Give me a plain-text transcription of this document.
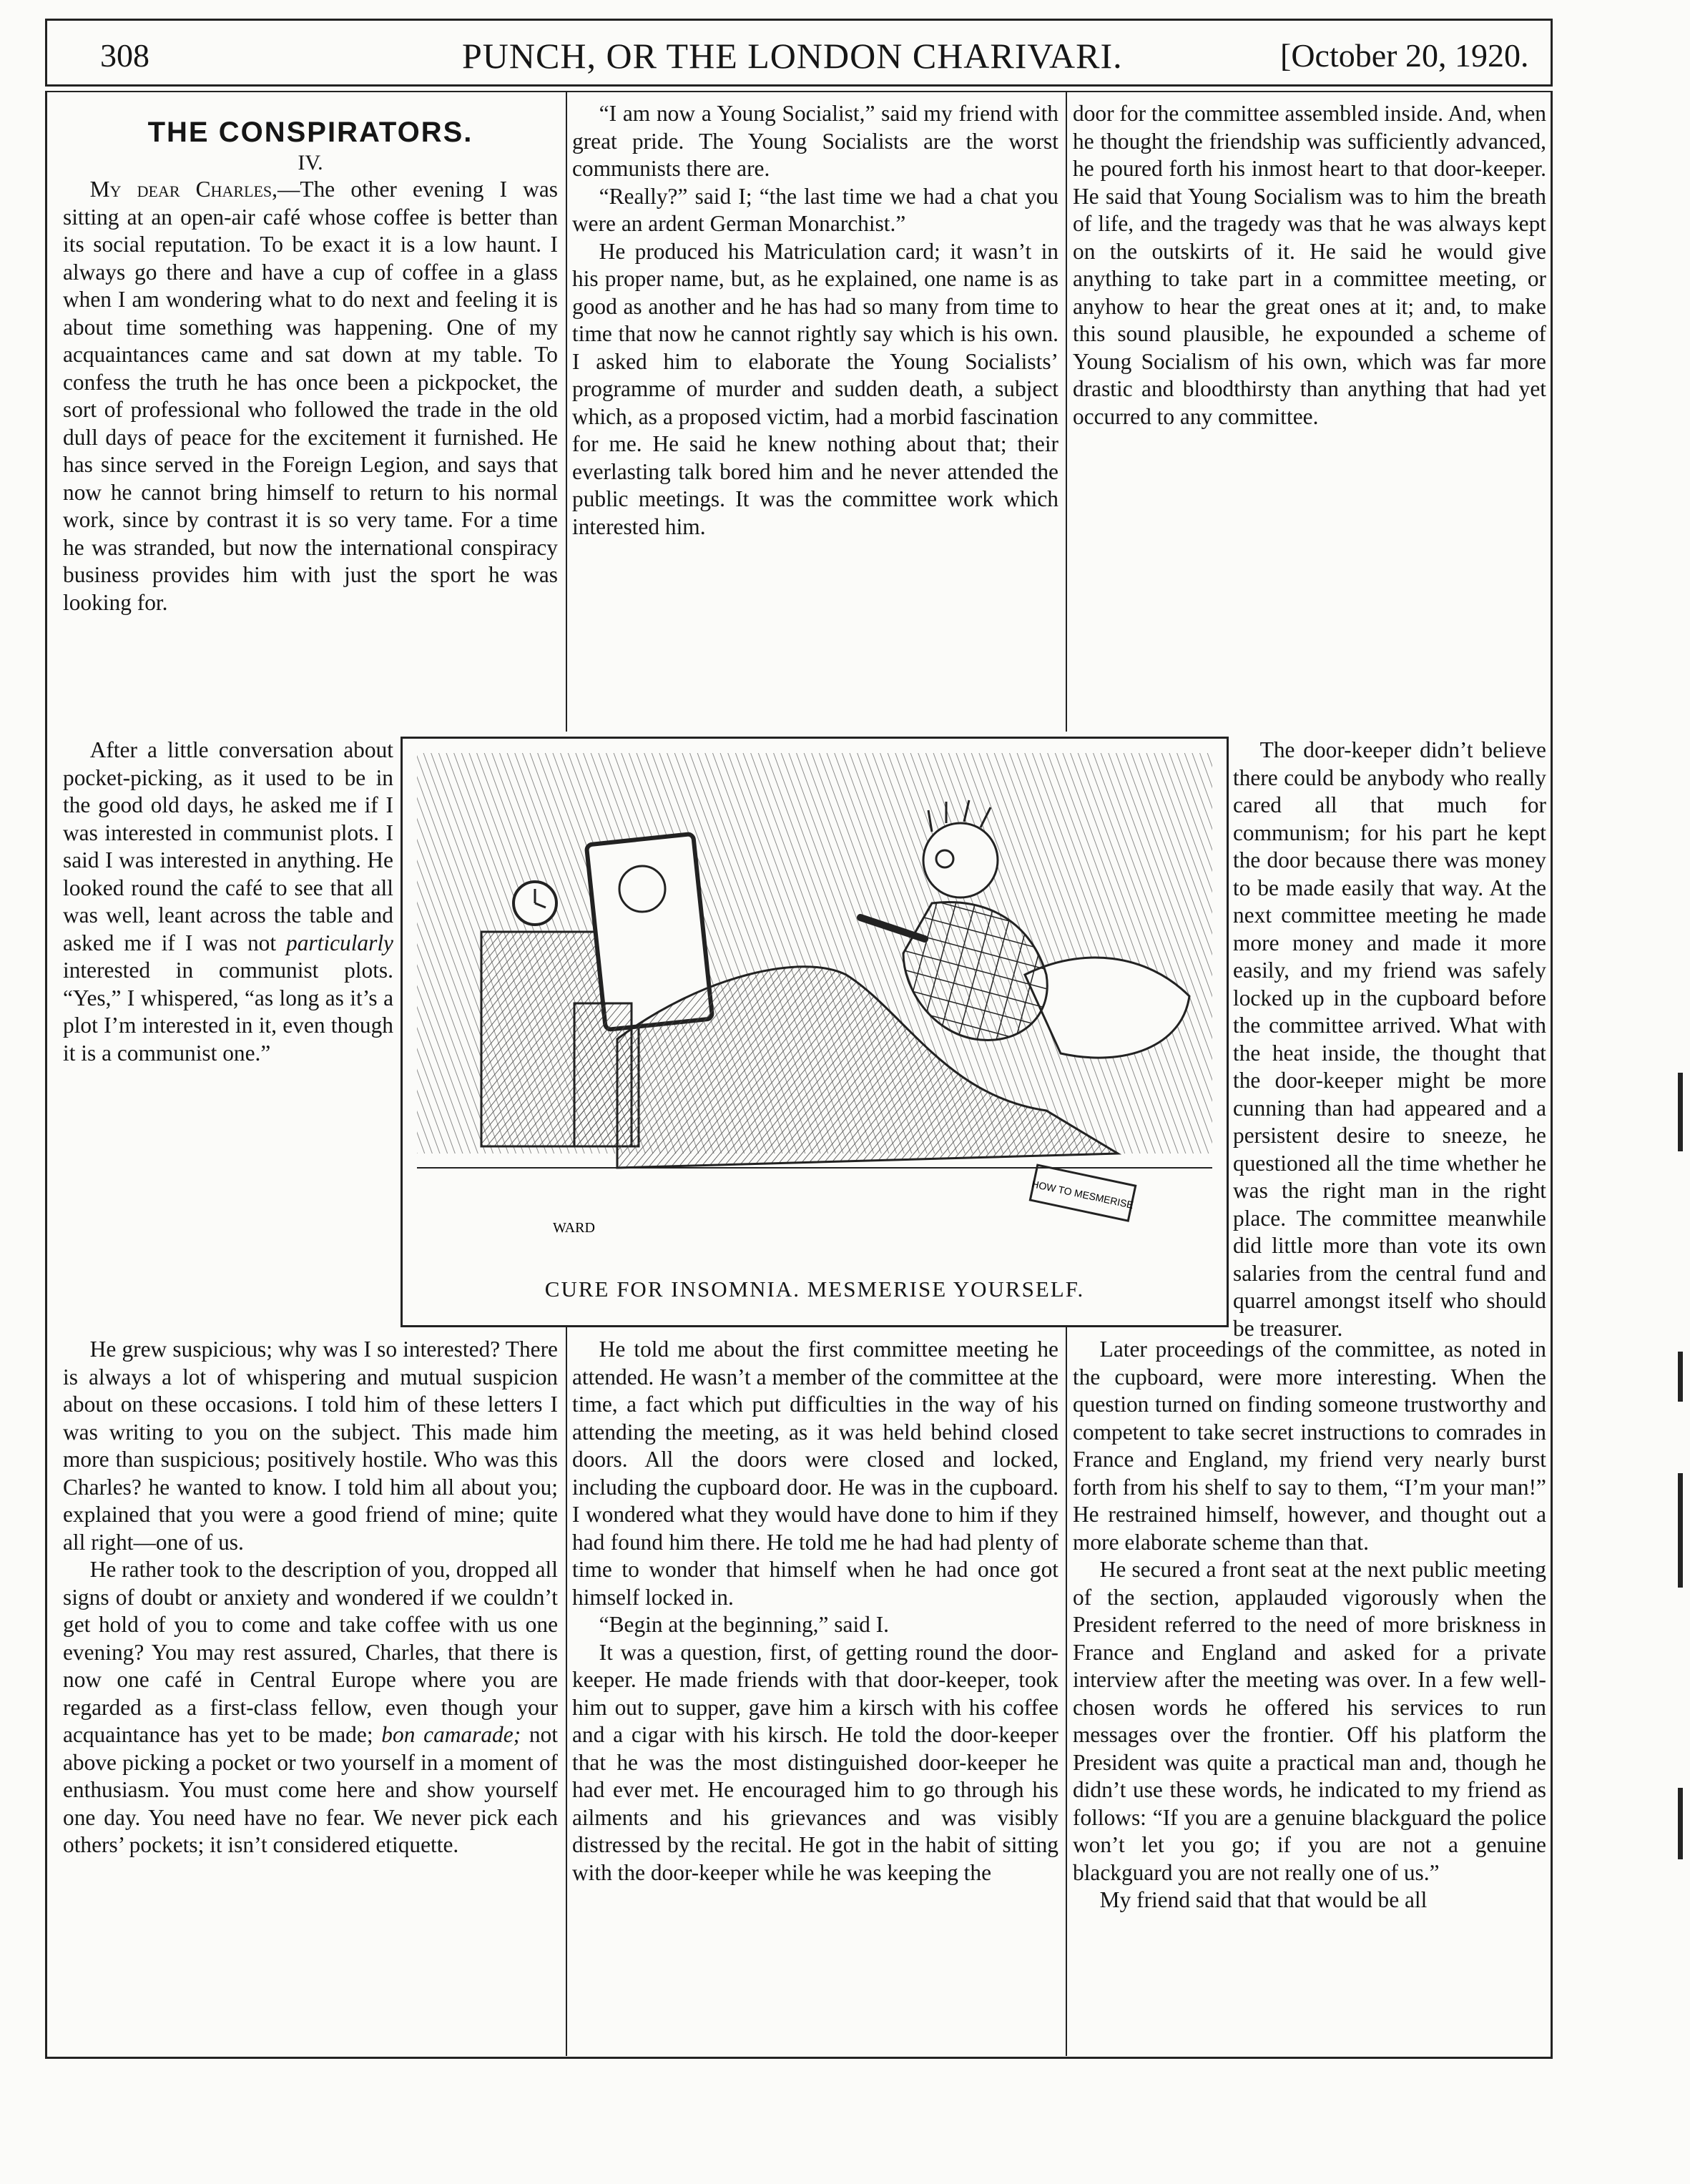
308	PUNCH, OR THE LONDON CHARIVARI.	[October 20, 1920.
THE CONSPIRATORS.
IV.

My dear Charles,—The other evening I was sitting at an open-air café whose coffee is better than its social reputation. To be exact it is a low haunt. I always go there and have a cup of coffee in a glass when I am wondering what to do next and feeling it is about time something was happening. One of my acquaintances came and sat down at my table. To confess the truth he has once been a pickpocket, the sort of professional who followed the trade in the old dull days of peace for the excitement it furnished. He has since served in the Foreign Legion, and says that now he cannot bring himself to return to his normal work, since by contrast it is so very tame. For a time he was stranded, but now the international conspiracy business provides him with just the sport he was looking for.

After a little conversation about pocket-picking, as it used to be in the good old days, he asked me if I was interested in communist plots. I said I was interested in anything. He looked round the café to see that all was well, leant across the table and asked me if I was not particularly interested in communist plots. “Yes,” I whispered, “as long as it’s a plot I’m interested in it, even though it is a communist one.”

He grew suspicious; why was I so interested? There is always a lot of whispering and mutual suspicion about on these occasions. I told him of these letters I was writing to you on the subject. This made him more than suspicious; positively hostile. Who was this Charles? he wanted to know. I told him all about you; explained that you were a good friend of mine; quite all right—one of us.

He rather took to the description of you, dropped all signs of doubt or anxiety and wondered if we couldn’t get hold of you to come and take coffee with us one evening? You may rest assured, Charles, that there is now one café in Central Europe where you are regarded as a first-class fellow, even though your acquaintance has yet to be made; bon camarade; not above picking a pocket or two yourself in a moment of enthusiasm. You must come here and show yourself one day. You need have no fear. We never pick each others’ pockets; it isn’t considered etiquette.

“I am now a Young Socialist,” said my friend with great pride. The Young Socialists are the worst communists there are.

“Really?” said I; “the last time we had a chat you were an ardent German Monarchist.”

He produced his Matriculation card; it wasn’t in his proper name, but, as he explained, one name is as good as another and he has had so many from time to time that now he cannot rightly say which is his own. I asked him to elaborate the Young Socialists’ programme of murder and sudden death, a subject which, as a proposed victim, had a morbid fascination for me. He said he knew nothing about that; their everlasting talk bored him and he never attended the public meetings. It was the committee work which interested him.

He told me about the first committee meeting he attended. He wasn’t a member of the committee at the time, a fact which put difficulties in the way of his attending the meeting, as it was held behind closed doors. All the doors were closed and locked, including the cupboard door. He was in the cupboard. I wondered what they would have done to him if they had found him there. He told me he had had plenty of time to wonder that himself when he had once got himself locked in.

“Begin at the beginning,” said I.

It was a question, first, of getting round the door-keeper. He made friends with that door-keeper, took him out to supper, gave him a kirsch with his coffee and a cigar with his kirsch. He told the door-keeper that he was the most distinguished door-keeper he had ever met. He encouraged him to go through his ailments and his grievances and was visibly distressed by the recital. He got in the habit of sitting with the door-keeper while he was keeping the

door for the committee assembled inside. And, when he thought the friendship was sufficiently advanced, he poured forth his inmost heart to that door-keeper. He said that Young Socialism was to him the breath of life, and the tragedy was that he was always kept on the outskirts of it. He said he would give anything to take part in a committee meeting, or anyhow to hear the great ones at it; and, to make this sound plausible, he expounded a scheme of Young Socialism of his own, which was far more drastic and bloodthirsty than anything that had yet occurred to any committee.

The door-keeper didn’t believe there could be anybody who really cared all that much for communism; for his part he kept the door because there was money to be made easily that way. At the next committee meeting he made more money and made it more easily, and my friend was safely locked up in the cupboard before the committee arrived. What with the heat inside, the thought that the door-keeper might be more cunning than had appeared and a persistent desire to sneeze, he questioned all the time whether he was the right man in the right place. The committee meanwhile did little more than vote its own salaries from the central fund and quarrel amongst itself who should be treasurer.

Later proceedings of the committee, as noted in the cupboard, were more interesting. When the question turned on finding someone trustworthy and competent to take secret instructions to comrades in France and England, my friend very nearly burst forth from his shelf to say to them, “I’m your man!” He restrained himself, however, and thought out a more elaborate scheme than that.

He secured a front seat at the next public meeting of the section, applauded vigorously when the President referred to the need of more briskness in France and England and asked for a private interview after the meeting was over. In a few well-chosen words he offered his services to run messages over the frontier. Off his platform the President was quite a practical man and, though he didn’t use these words, he indicated to my friend as follows: “If you are a genuine blackguard the police won’t let you go; if you are not a genuine blackguard you are not really one of us.”

My friend said that that would be all

HOW TO MESMERISE
WARD
CURE FOR INSOMNIA. MESMERISE YOURSELF.
